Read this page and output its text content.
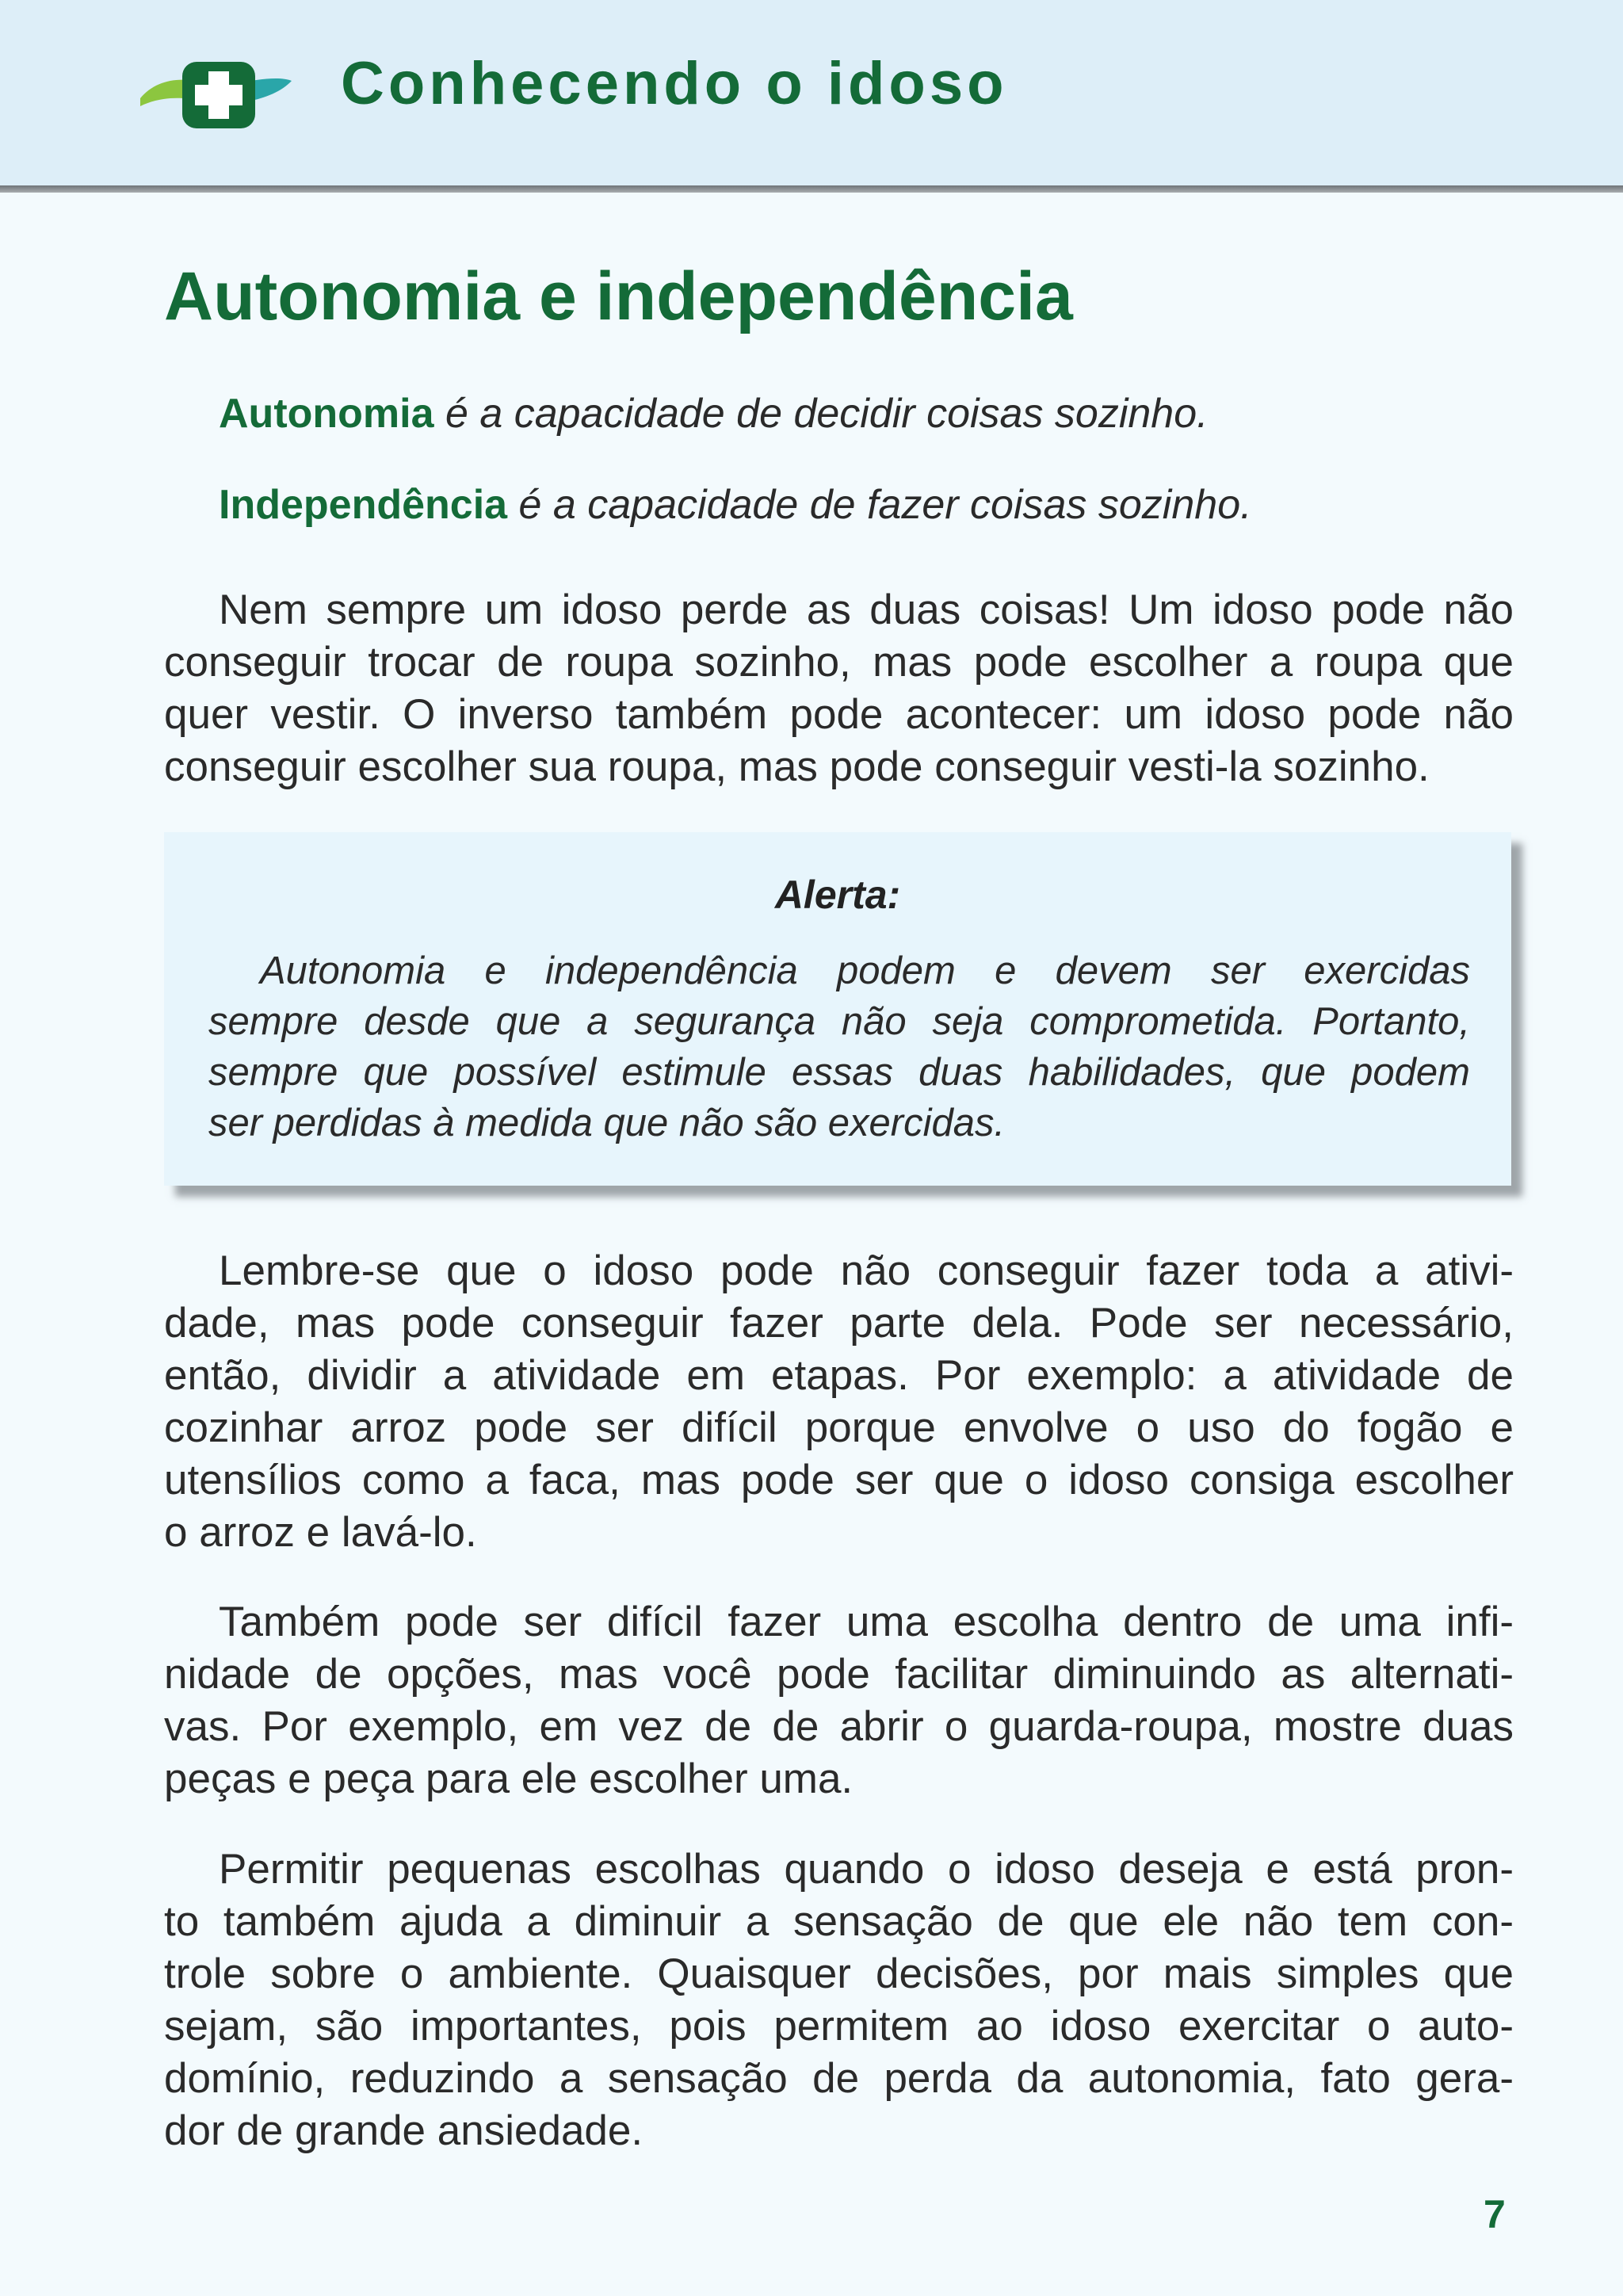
Conhecendo o idoso
Autonomia e independência
Autonomia é a capacidade de decidir coisas sozinho.
Independência é a capacidade de fazer coisas sozinho.
Nem sempre um idoso perde as duas coisas! Um idoso pode não
conseguir trocar de roupa sozinho, mas pode escolher a roupa que
quer vestir. O inverso também pode acontecer: um idoso pode não
conseguir escolher sua roupa, mas pode conseguir vesti-la sozinho.
Alerta:
Autonomia e independência podem e devem ser exercidas
sempre desde que a segurança não seja comprometida. Portanto,
sempre que possível estimule essas duas habilidades, que podem
ser perdidas à medida que não são exercidas.
Lembre-se que o idoso pode não conseguir fazer toda a ativi-
dade, mas pode conseguir fazer parte dela. Pode ser necessário,
então, dividir a atividade em etapas. Por exemplo: a atividade de
cozinhar arroz pode ser difícil porque envolve o uso do fogão e
utensílios como a faca, mas pode ser que o idoso consiga escolher
o arroz e lavá-lo.
Também pode ser difícil fazer uma escolha dentro de uma infi-
nidade de opções, mas você pode facilitar diminuindo as alternati-
vas. Por exemplo, em vez de de abrir o guarda-roupa, mostre duas
peças e peça para ele escolher uma.
Permitir pequenas escolhas quando o idoso deseja e está pron-
to também ajuda a diminuir a sensação de que ele não tem con-
trole sobre o ambiente. Quaisquer decisões, por mais simples que
sejam, são importantes, pois permitem ao idoso exercitar o auto-
domínio, reduzindo a sensação de perda da autonomia, fato gera-
dor de grande ansiedade.
7
